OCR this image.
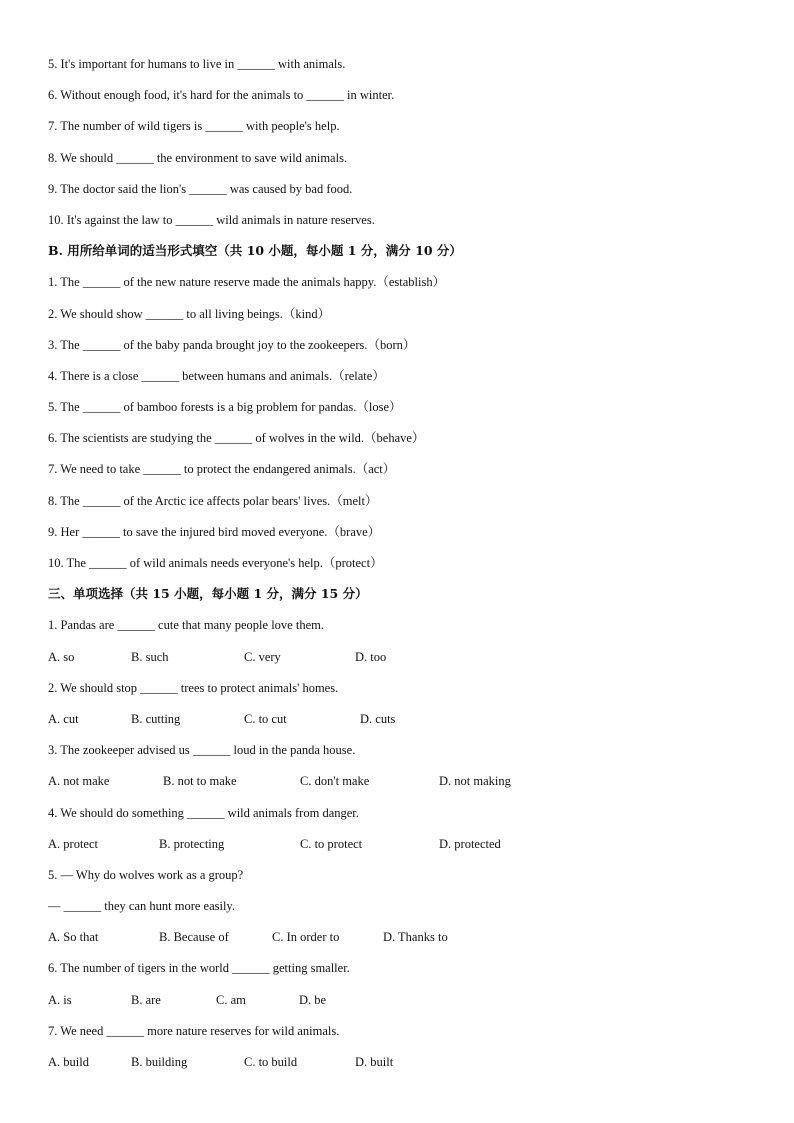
5. It's important for humans to live in ______ with animals.
6. Without enough food, it's hard for the animals to ______ in winter.
7. The number of wild tigers is ______ with people's help.
8. We should ______ the environment to save wild animals.
9. The doctor said the lion's ______ was caused by bad food.
10. It's against the law to ______ wild animals in nature reserves.
B. 用所给单词的适当形式填空（共 10 小题，每小题 1 分，满分 10 分）
1. The ______ of the new nature reserve made the animals happy.（establish）
2. We should show ______ to all living beings.（kind）
3. The ______ of the baby panda brought joy to the zookeepers.（born）
4. There is a close ______ between humans and animals.（relate）
5. The ______ of bamboo forests is a big problem for pandas.（lose）
6. The scientists are studying the ______ of wolves in the wild.（behave）
7. We need to take ______ to protect the endangered animals.（act）
8. The ______ of the Arctic ice affects polar bears' lives.（melt）
9. Her ______ to save the injured bird moved everyone.（brave）
10. The ______ of wild animals needs everyone's help.（protect）
三、单项选择（共 15 小题，每小题 1 分，满分 15 分）
1. Pandas are ______ cute that many people love them.
A. so	B. such	C. very	D. too
2. We should stop ______ trees to protect animals' homes.
A. cut	B. cutting	C. to cut	D. cuts
3. The zookeeper advised us ______ loud in the panda house.
A. not make	B. not to make	C. don't make	D. not making
4. We should do something ______ wild animals from danger.
A. protect	B. protecting	C. to protect	D. protected
5. — Why do wolves work as a group?
— ______ they can hunt more easily.
A. So that	B. Because of	C. In order to	D. Thanks to
6. The number of tigers in the world ______ getting smaller.
A. is	B. are	C. am	D. be
7. We need ______ more nature reserves for wild animals.
A. build	B. building	C. to build	D. built
